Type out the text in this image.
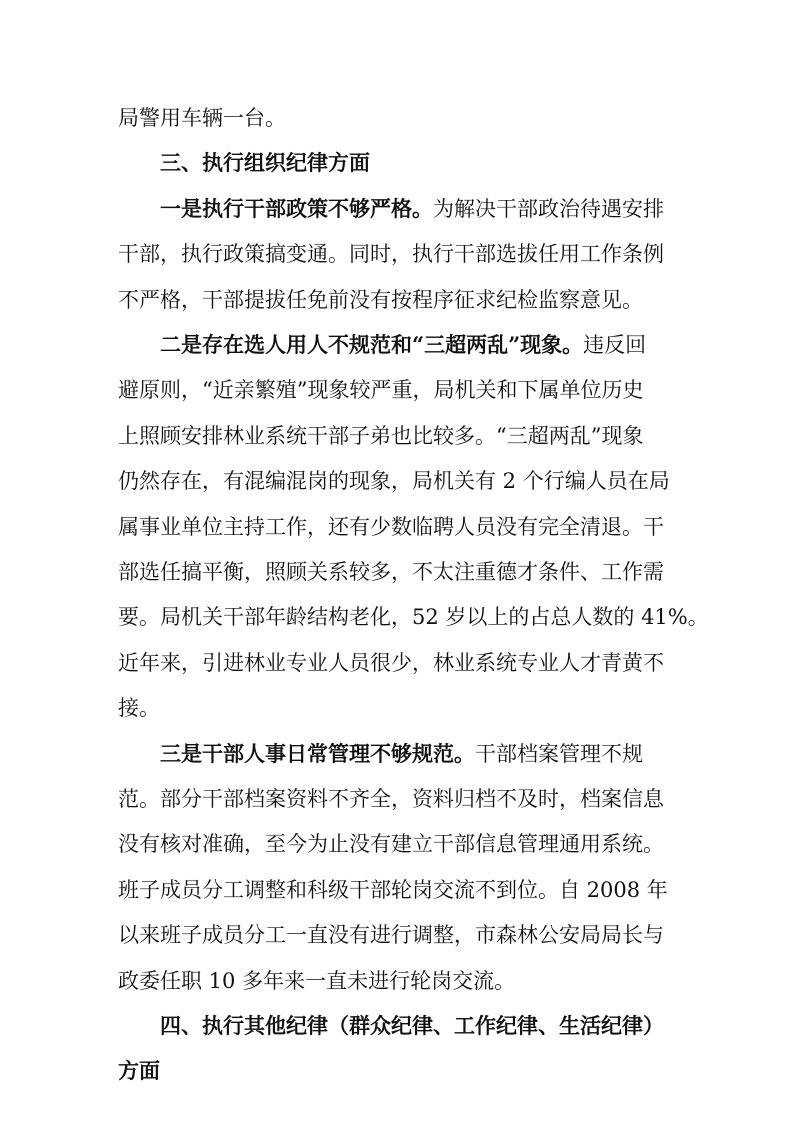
局警用车辆一台。

三、执行组织纪律方面

一是执行干部政策不够严格。为解决干部政治待遇安排

干部，执行政策搞变通。同时，执行干部选拔任用工作条例

不严格，干部提拔任免前没有按程序征求纪检监察意见。

二是存在选人用人不规范和“三超两乱”现象。违反回

避原则，“近亲繁殖”现象较严重，局机关和下属单位历史

上照顾安排林业系统干部子弟也比较多。“三超两乱”现象

仍然存在，有混编混岗的现象，局机关有 2 个行编人员在局

属事业单位主持工作，还有少数临聘人员没有完全清退。干

部选任搞平衡，照顾关系较多，不太注重德才条件、工作需

要。局机关干部年龄结构老化，52 岁以上的占总人数的 41%。

近年来，引进林业专业人员很少，林业系统专业人才青黄不

接。

三是干部人事日常管理不够规范。干部档案管理不规

范。部分干部档案资料不齐全，资料归档不及时，档案信息

没有核对准确，至今为止没有建立干部信息管理通用系统。

班子成员分工调整和科级干部轮岗交流不到位。自 2008 年

以来班子成员分工一直没有进行调整，市森林公安局局长与

政委任职 10 多年来一直未进行轮岗交流。

四、执行其他纪律（群众纪律、工作纪律、生活纪律）

方面
